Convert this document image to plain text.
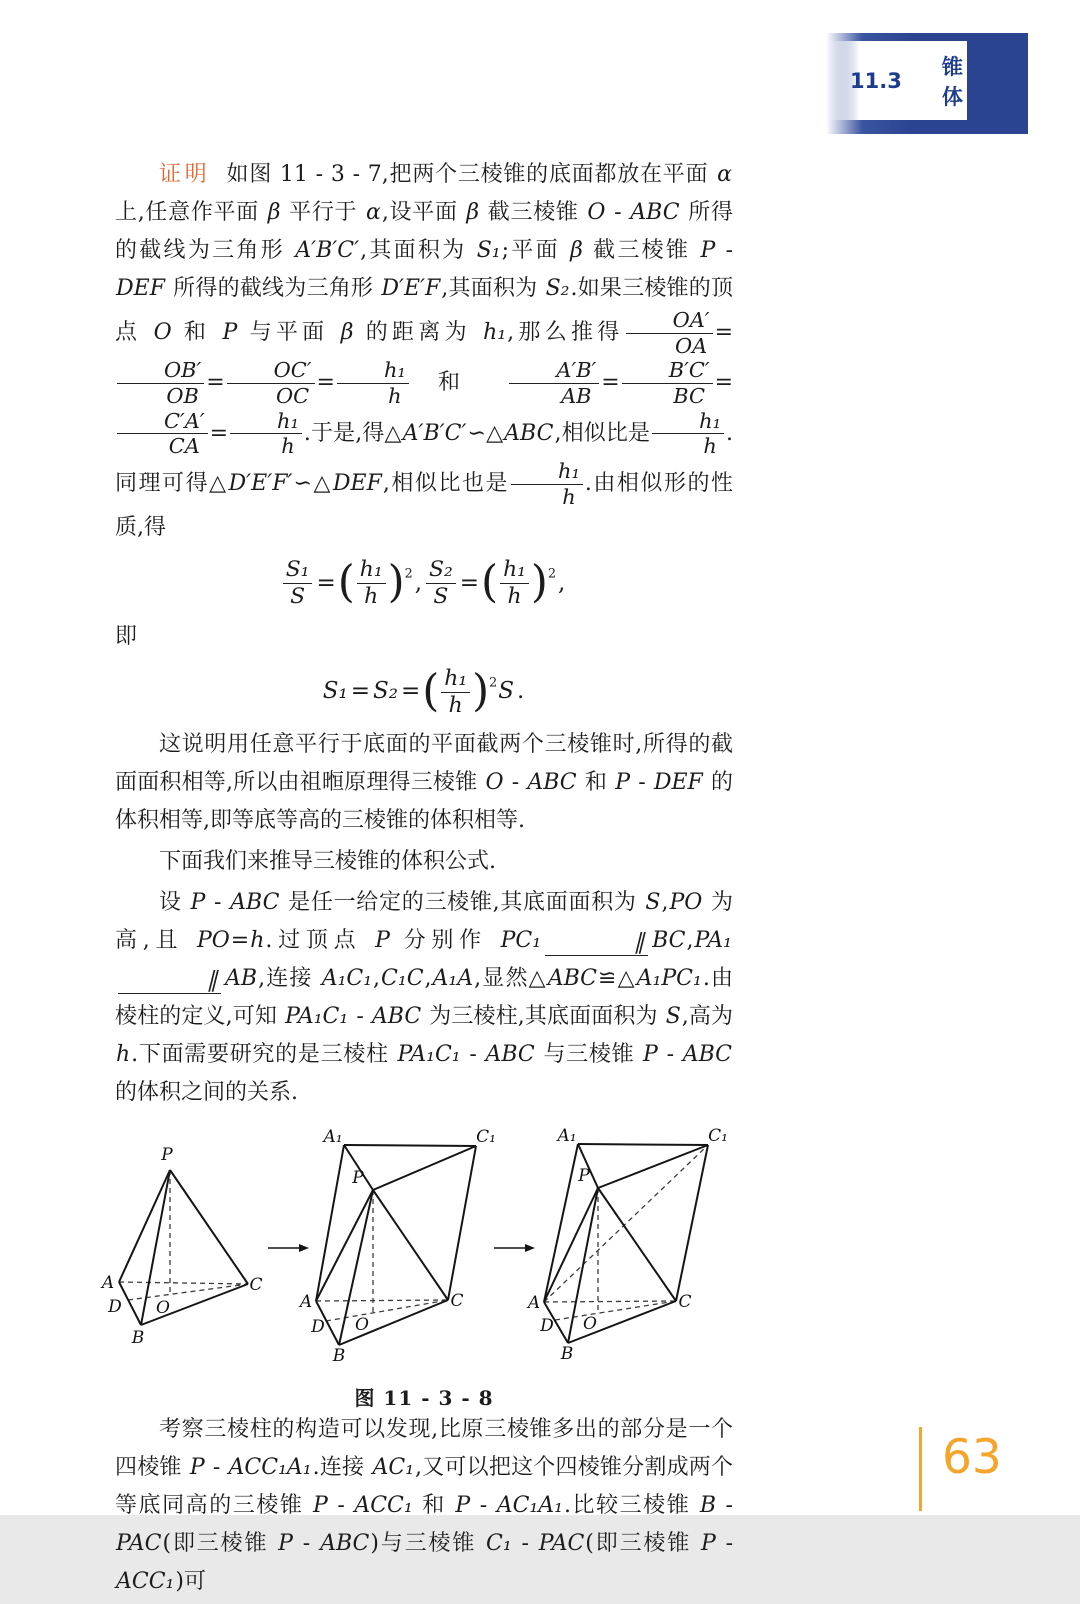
11.3
锥体

证明 如图 11 - 3 - 7,把两个三棱锥的底面都放在平面 α 上,任意作平面 β 平行于 α,设平面 β 截三棱锥 O - ABC 所得的截线为三角形 A′B′C′,其面积为 S₁;平面 β 截三棱锥 P - DEF 所得的截线为三角形 D′E′F,其面积为 S₂.如果三棱锥的顶点 O 和 P 与平面 β 的距离为 h₁,那么推得 $\frac{OA'}{OA}$ =
$\frac{OB'}{OB} = \frac{OC'}{OC} = \frac{\text{h₁}}{h}$ 和 $\frac{A'B'}{AB} = \frac{B'C'}{BC}$ =
$\frac{C'A'}{CA} = \frac{\text{h₁}}{h}$ .于是,得△A′B′C′∽△ABC,相似比是 $\frac{\text{h₁}}{h}$ .同理可得△D′E′F′∽△DEF,相似比也是 $\frac{\text{h₁}}{h}$ .由相似形的性质,得

$\frac{\text{S₁}}{S}$ =( $\frac{\text{h₁}}{h} )^2$, $\frac{\text{S₂}}{S}$ =( $\frac{\text{h₁}}{h} )^2$,

即

S₁ = S₂ =( $\frac{\text{h₁}}{h} )^2S$ .

这说明用任意平行于底面的平面截两个三棱锥时,所得的截面面积相等,所以由祖暅原理得三棱锥 O - ABC 和 P - DEF 的体积相等,即等底等高的三棱锥的体积相等.

下面我们来推导三棱锥的体积公式.

设 P - ABC 是任一给定的三棱锥,其底面面积为 S,PO 为高,且 PO=h.过顶点 P 分别作 PC₁	∥ BC,PA₁∥ AB,连接 A₁C₁,C₁C,A₁A,显然△ABC≌△A₁PC₁.由棱柱的定义,可知 PA₁C₁ - ABC 为三棱柱,其底面面积为 S,高为 h.下面需要研究的是三棱柱 PA₁C₁ - ABC 与三棱锥 P - ABC 的体积之间的关系.

P
A
B
C
D O
A₁	C₁
P
A
B
C
D O
A₁	C₁
P
A
B
C
D O
图 11 - 3 - 8

考察三棱柱的构造可以发现,比原三棱锥多出的部分是一个四棱锥 P - ACC₁A₁.连接 AC₁,又可以把这个四棱锥分割成两个等底同高的三棱锥 P - ACC₁ 和 P - AC₁A₁.比较三棱锥 B - PAC(即三棱锥 P - ABC)与三棱锥 C₁ - PAC(即三棱锥 P - ACC₁)可

63
